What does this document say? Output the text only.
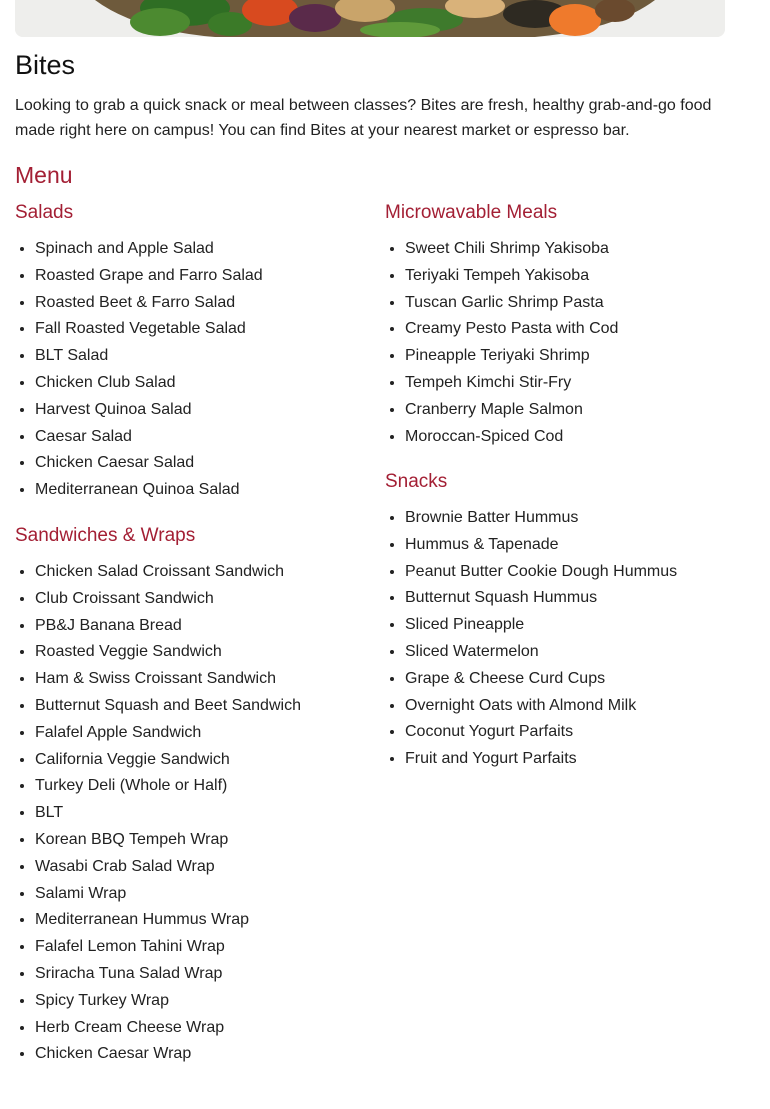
Bites

Looking to grab a quick snack or meal between classes? Bites are fresh, healthy grab-and-go food made right here on campus! You can find Bites at your nearest market or espresso bar.

Menu
Salads
• Spinach and Apple Salad
• Roasted Grape and Farro Salad
• Roasted Beet & Farro Salad
• Fall Roasted Vegetable Salad
• BLT Salad
• Chicken Club Salad
• Harvest Quinoa Salad
• Caesar Salad
• Chicken Caesar Salad
• Mediterranean Quinoa Salad
Sandwiches & Wraps
• Chicken Salad Croissant Sandwich
• Club Croissant Sandwich
• PB&J Banana Bread
• Roasted Veggie Sandwich
• Ham & Swiss Croissant Sandwich
• Butternut Squash and Beet Sandwich
• Falafel Apple Sandwich
• California Veggie Sandwich
• Turkey Deli (Whole or Half)
• BLT
• Korean BBQ Tempeh Wrap
• Wasabi Crab Salad Wrap
• Salami Wrap
• Mediterranean Hummus Wrap
• Falafel Lemon Tahini Wrap
• Sriracha Tuna Salad Wrap
• Spicy Turkey Wrap
• Herb Cream Cheese Wrap
• Chicken Caesar Wrap
Microwavable Meals
• Sweet Chili Shrimp Yakisoba
• Teriyaki Tempeh Yakisoba
• Tuscan Garlic Shrimp Pasta
• Creamy Pesto Pasta with Cod
• Pineapple Teriyaki Shrimp
• Tempeh Kimchi Stir-Fry
• Cranberry Maple Salmon
• Moroccan-Spiced Cod
Snacks
• Brownie Batter Hummus
• Hummus & Tapenade
• Peanut Butter Cookie Dough Hummus
• Butternut Squash Hummus
• Sliced Pineapple
• Sliced Watermelon
• Grape & Cheese Curd Cups
• Overnight Oats with Almond Milk
• Coconut Yogurt Parfaits
• Fruit and Yogurt Parfaits
